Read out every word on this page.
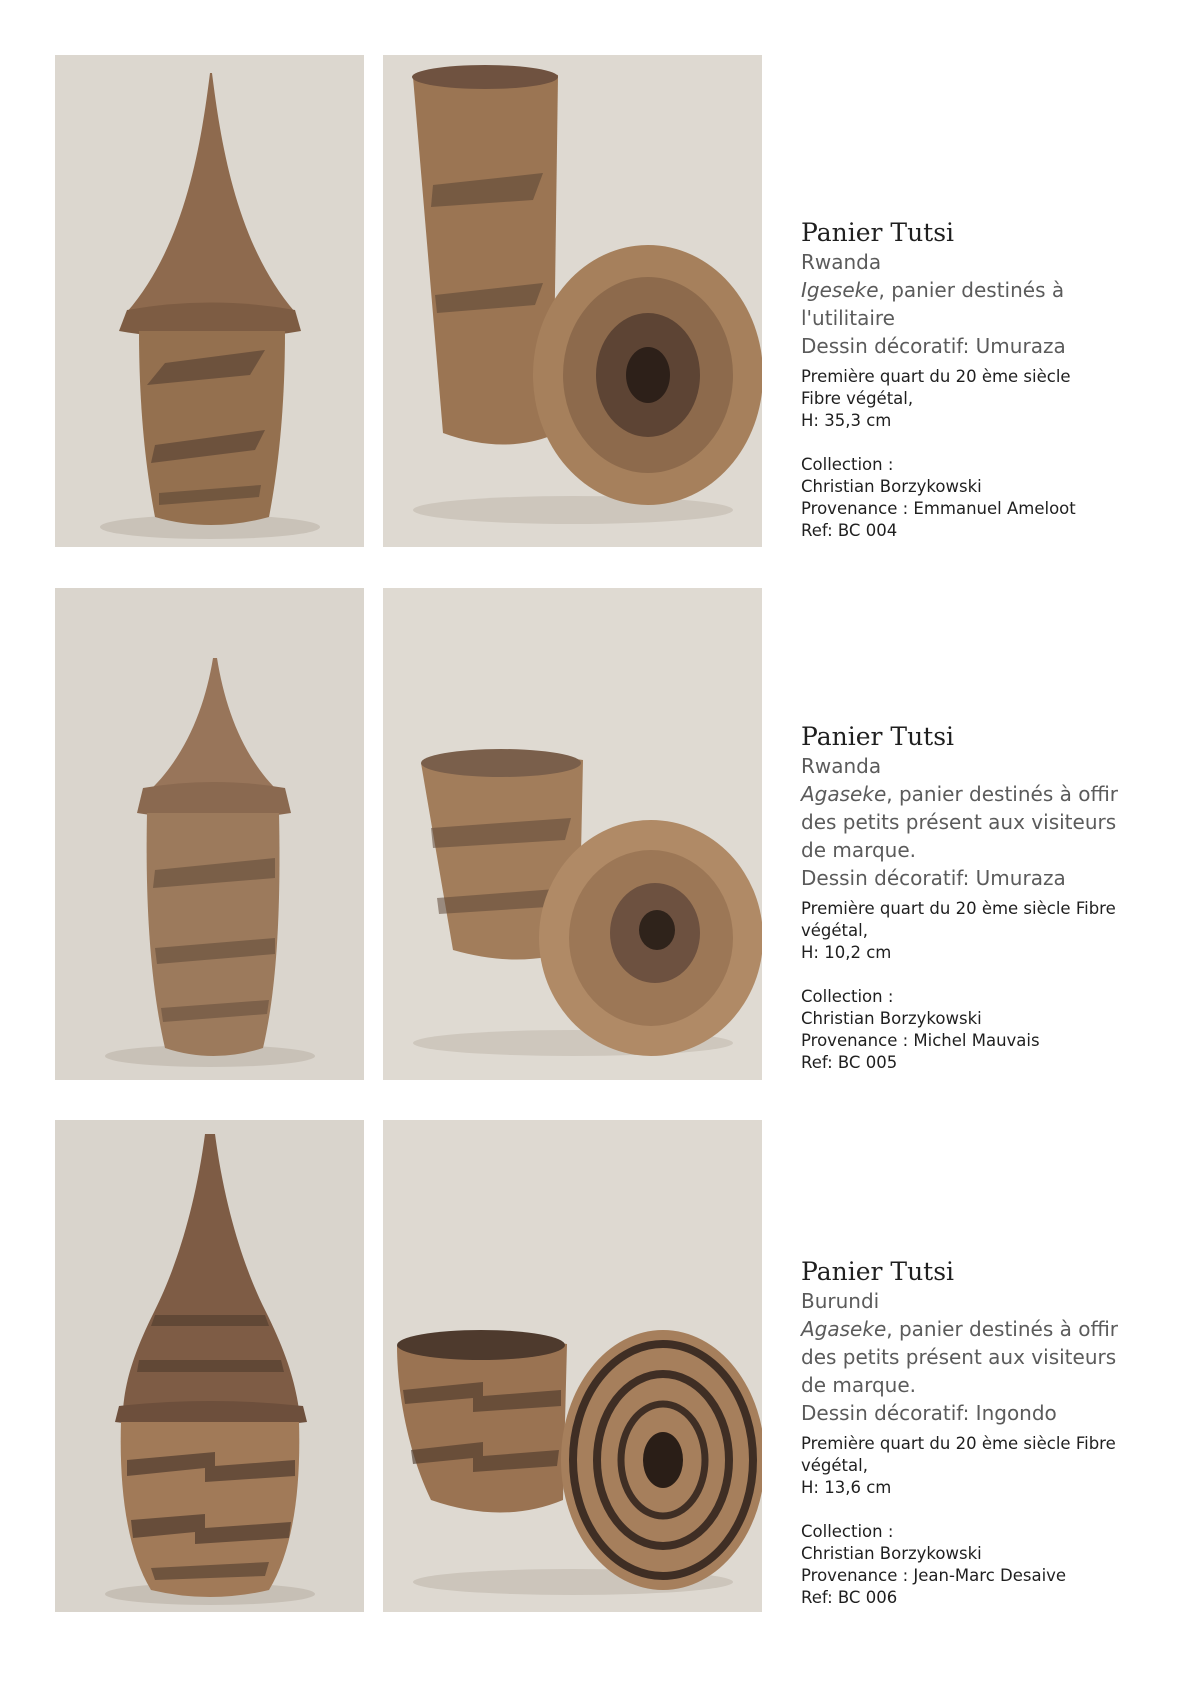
Panier Tutsi
Rwanda
Igeseke, panier destinés à
l'utilitaire
Dessin décoratif: Umuraza
Première quart du 20 ème siècle
Fibre végétal,
H: 35,3 cm
Collection :
Christian Borzykowski
Provenance : Emmanuel Ameloot
Ref: BC 004
Panier Tutsi
Rwanda
Agaseke, panier destinés à offir
des petits présent aux visiteurs
de marque.
Dessin décoratif: Umuraza
Première quart du 20 ème siècle Fibre
végétal,
H: 10,2 cm
Collection :
Christian Borzykowski
Provenance : Michel Mauvais
Ref: BC 005
Panier Tutsi
Burundi
Agaseke, panier destinés à offir
des petits présent aux visiteurs
de marque.
Dessin décoratif: Ingondo
Première quart du 20 ème siècle Fibre
végétal,
H: 13,6 cm
Collection :
Christian Borzykowski
Provenance : Jean-Marc Desaive
Ref: BC 006
